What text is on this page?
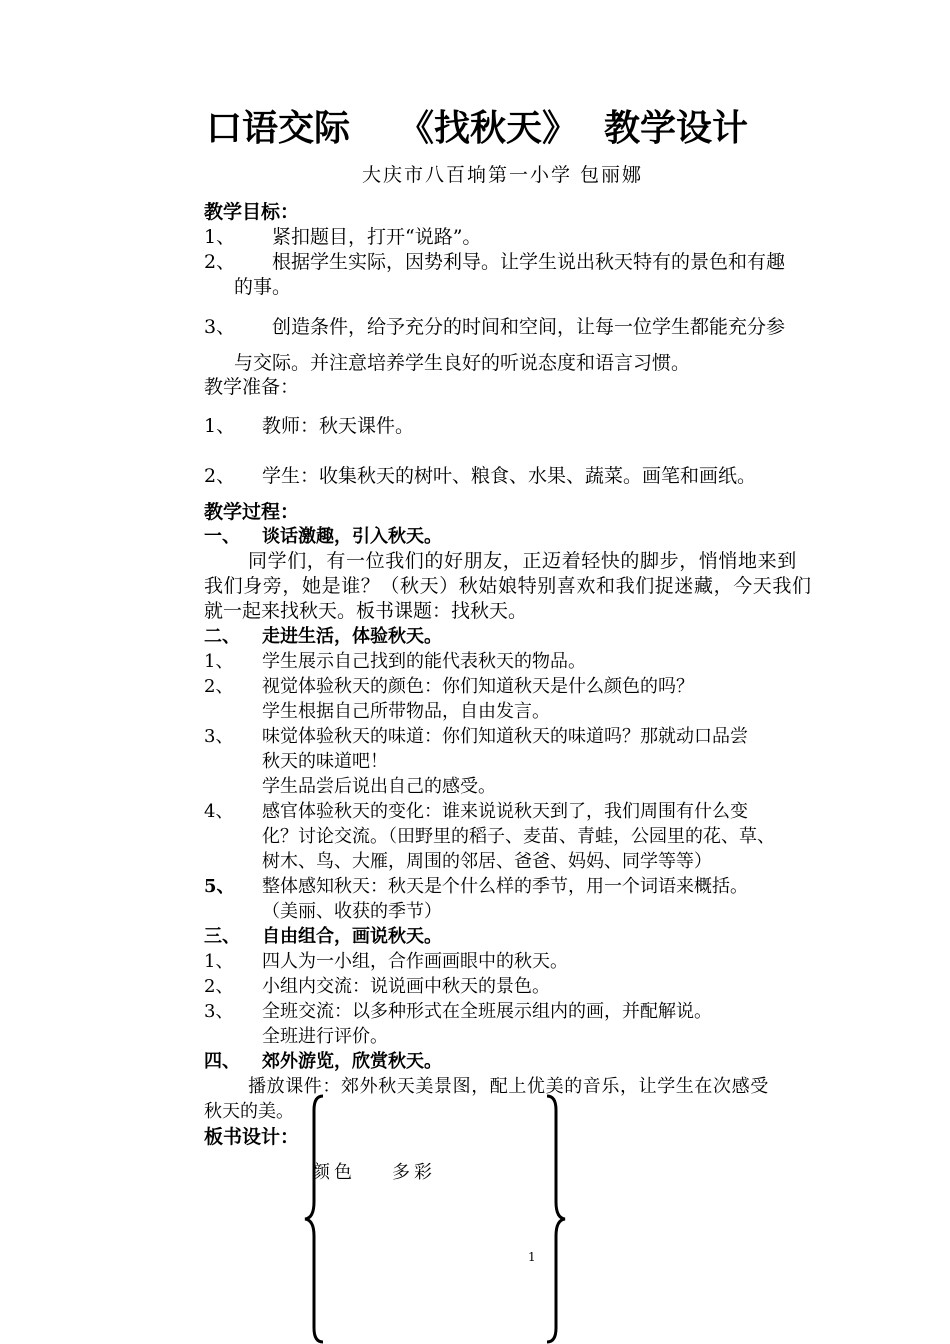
口语交际 《找秋天》 教学设计
大庆市八百垧第一小学 包丽娜
教学目标：
1、 紧扣题目，打开“说路”。
2、 根据学生实际，因势利导。让学生说出秋天特有的景色和有趣
的事。
3、 创造条件，给予充分的时间和空间，让每一位学生都能充分参
与交际。并注意培养学生良好的听说态度和语言习惯。
教学准备：
1、 教师：秋天课件。
2、 学生：收集秋天的树叶、粮食、水果、蔬菜。画笔和画纸。
教学过程：
一、 谈话激趣，引入秋天。
同学们，有一位我们的好朋友，正迈着轻快的脚步，悄悄地来到
我们身旁，她是谁？（秋天）秋姑娘特别喜欢和我们捉迷藏，今天我们
就一起来找秋天。板书课题：找秋天。
二、 走进生活，体验秋天。
1、 学生展示自己找到的能代表秋天的物品。
2、 视觉体验秋天的颜色：你们知道秋天是什么颜色的吗？
学生根据自己所带物品，自由发言。
3、 味觉体验秋天的味道：你们知道秋天的味道吗？那就动口品尝
秋天的味道吧！
学生品尝后说出自己的感受。
4、 感官体验秋天的变化：谁来说说秋天到了，我们周围有什么变
化？讨论交流。（田野里的稻子、麦苗、青蛙，公园里的花、草、
树木、鸟、大雁，周围的邻居、爸爸、妈妈、同学等等）
5、 整体感知秋天：秋天是个什么样的季节，用一个词语来概括。
（美丽、收获的季节）
三、 自由组合，画说秋天。
1、 四人为一小组，合作画画眼中的秋天。
2、 小组内交流：说说画中秋天的景色。
3、 全班交流：以多种形式在全班展示组内的画，并配解说。
全班进行评价。
四、 郊外游览，欣赏秋天。
播放课件：郊外秋天美景图，配上优美的音乐，让学生在次感受
秋天的美。
板书设计：
颜色 多彩
1
